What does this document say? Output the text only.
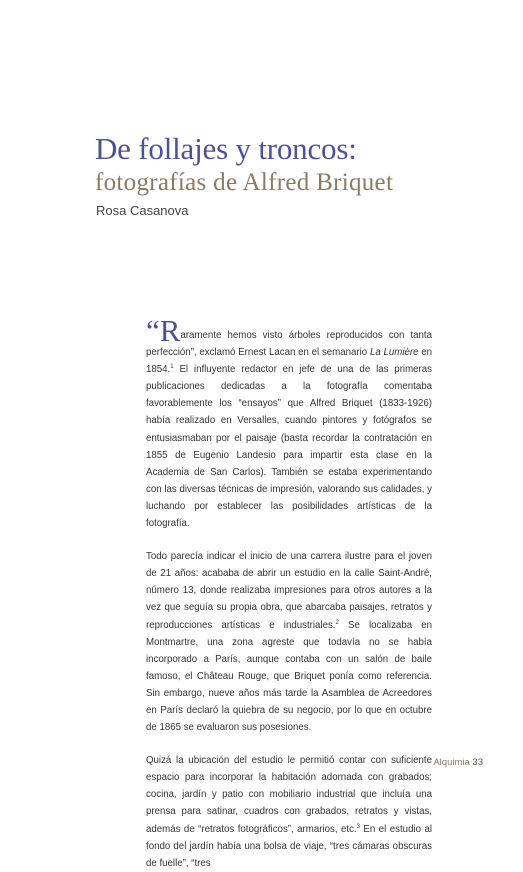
De follajes y troncos:
fotografías de Alfred Briquet
Rosa Casanova

“Raramente hemos visto árboles reproducidos con tanta perfección”, exclamó Ernest Lacan en el semanario La Lumière en 1854.$^1$ El influyente redactor en jefe de una de las primeras publicaciones dedicadas a la fotografía comentaba favorablemente los “ensayos” que Alfred Briquet (1833-1926) había realizado en Versalles, cuando pintores y fotógrafos se entusiasmaban por el paisaje (basta recordar la contratación en 1855 de Eugenio Landesio para impartir esta clase en la Academia de San Carlos). También se estaba experimentando con las diversas técnicas de impresión, valorando sus calidades, y luchando por establecer las posibilidades artísticas de la fotografía.

Todo parecía indicar el inicio de una carrera ilustre para el joven de 21 años: acababa de abrir un estudio en la calle Saint-André, número 13, donde realizaba impresiones para otros autores a la vez que seguía su propia obra, que abarcaba paisajes, retratos y reproducciones artísticas e industriales.$^2$ Se localizaba en Montmartre, una zona agreste que todavía no se había incorporado a París, aunque contaba con un salón de baile famoso, el Château Rouge, que Briquet ponía como referencia. Sin embargo, nueve años más tarde la Asamblea de Acreedores en París declaró la quiebra de su negocio, por lo que en octubre de 1865 se evaluaron sus posesiones.

Quizá la ubicación del estudio le permitió contar con suficiente espacio para incorporar la habitación adornada con grabados; cocina, jardín y patio con mobiliario industrial que incluía una prensa para satinar, cuadros con grabados, retratos y vistas, además de “retratos fotográficos”, armarios, etc.$^3$ En el estudio al fondo del jardín había una bolsa de viaje, “tres cámaras obscuras de fuelle”, “tres

Alquimia 33
